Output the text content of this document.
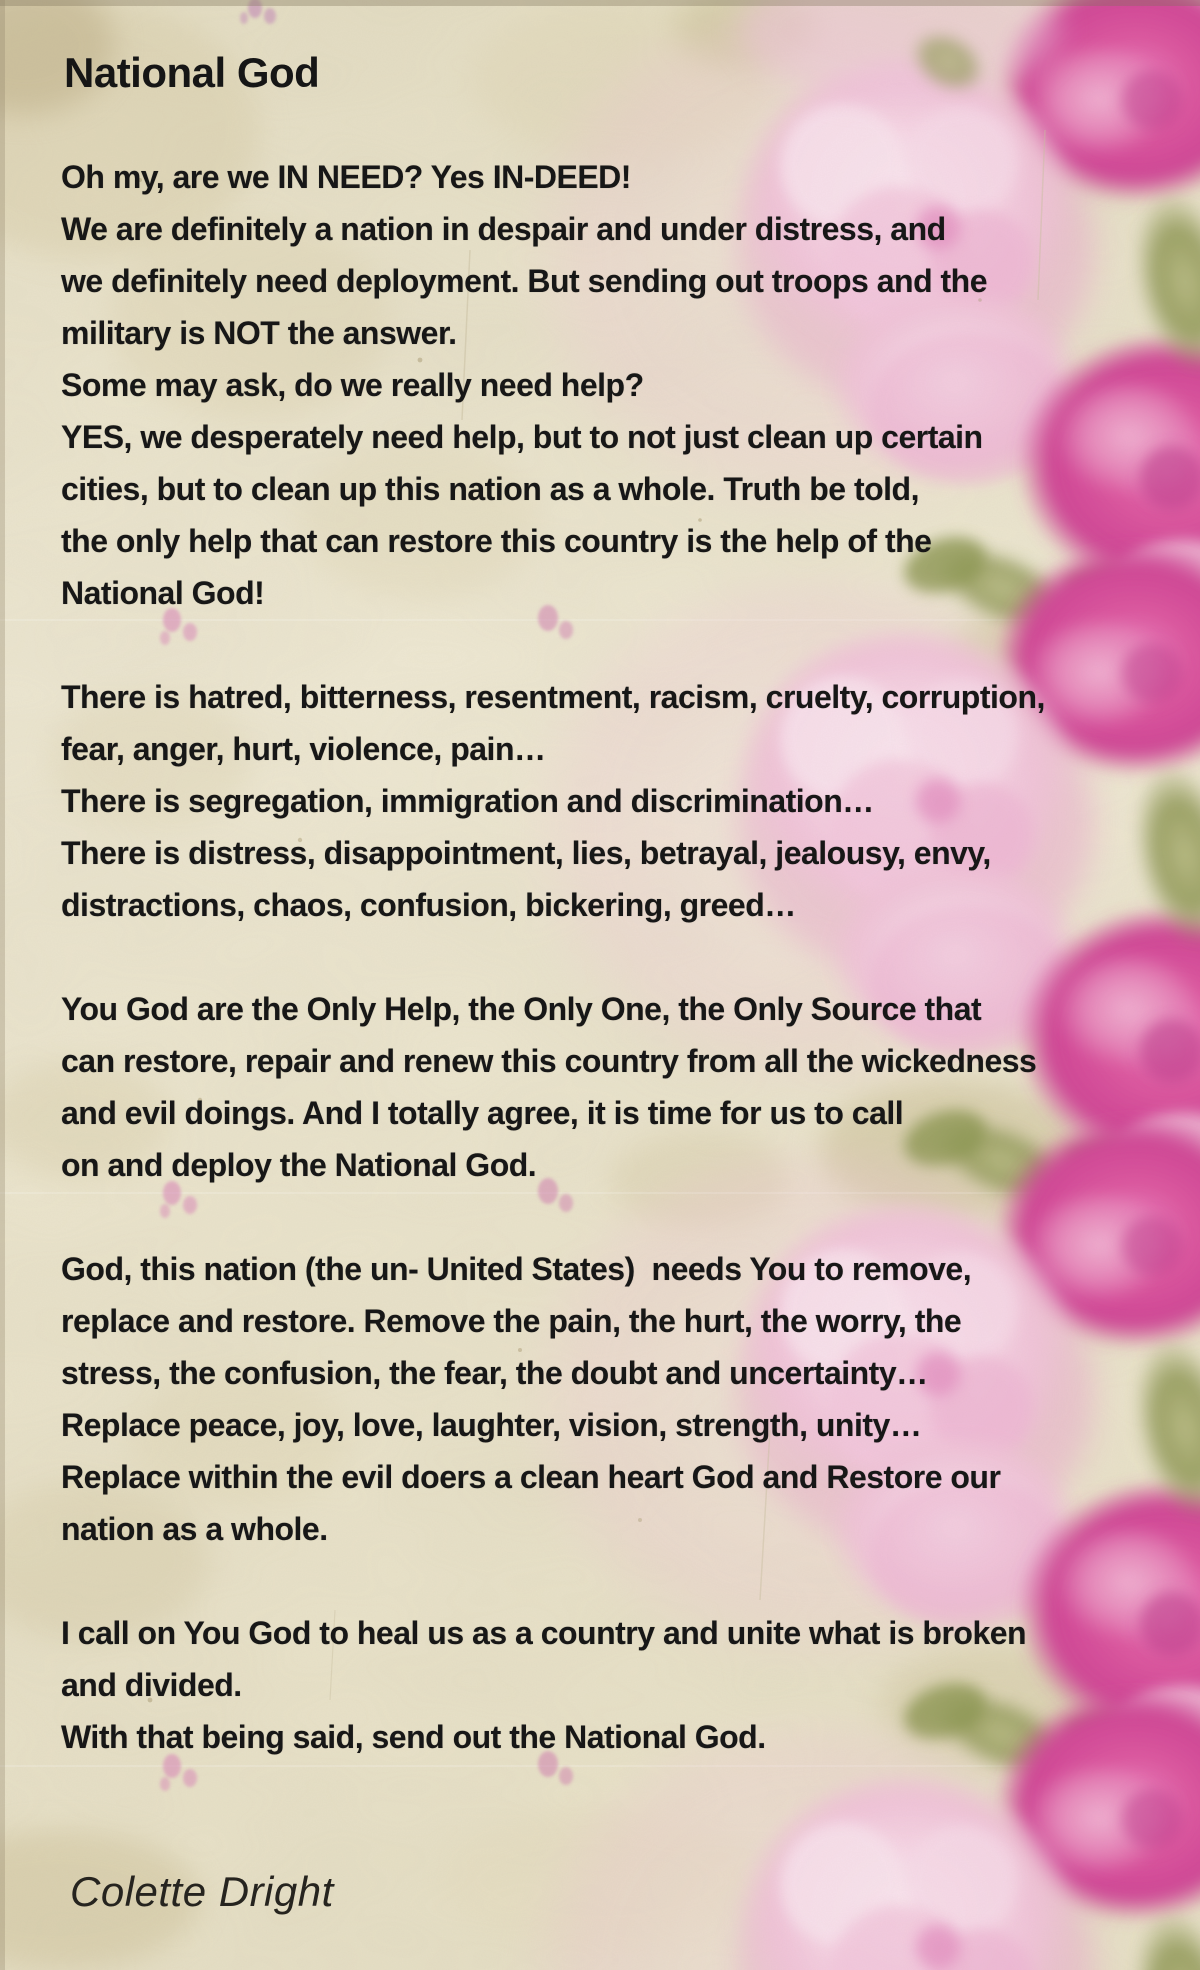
National God

Oh my, are we IN NEED? Yes IN-DEED!
We are definitely a nation in despair and under distress, and
we definitely need deployment. But sending out troops and the
military is NOT the answer.
Some may ask, do we really need help?
YES, we desperately need help, but to not just clean up certain
cities, but to clean up this nation as a whole. Truth be told,
the only help that can restore this country is the help of the
National God!

There is hatred, bitterness, resentment, racism, cruelty, corruption,
fear, anger, hurt, violence, pain…
There is segregation, immigration and discrimination…
There is distress, disappointment, lies, betrayal, jealousy, envy,
distractions, chaos, confusion, bickering, greed…

You God are the Only Help, the Only One, the Only Source that
can restore, repair and renew this country from all the wickedness
and evil doings. And I totally agree, it is time for us to call
on and deploy the National God.

God, this nation (the un- United States)  needs You to remove,
replace and restore. Remove the pain, the hurt, the worry, the
stress, the confusion, the fear, the doubt and uncertainty…
Replace peace, joy, love, laughter, vision, strength, unity…
Replace within the evil doers a clean heart God and Restore our
nation as a whole.

I call on You God to heal us as a country and unite what is broken
and divided.
With that being said, send out the National God.

Colette Dright
